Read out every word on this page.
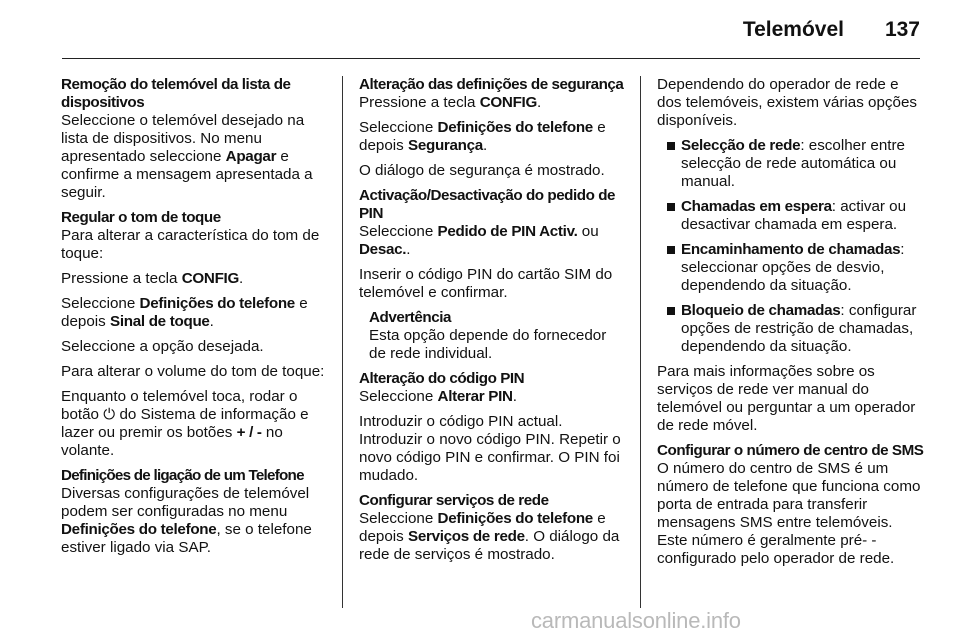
Telemóvel 137
Remoção do telemóvel da lista de dispositivos
Seleccione o telemóvel desejado na lista de dispositivos. No menu apresentado seleccione Apagar e confirme a mensagem apresentada a seguir.
Regular o tom de toque

Para alterar a característica do tom de toque:

Pressione a tecla CONFIG.

Seleccione Definições do telefone e depois Sinal de toque.

Seleccione a opção desejada.

Para alterar o volume do tom de toque:

Enquanto o telemóvel toca, rodar o botão ⏻ do Sistema de informação e lazer ou premir os botões + / - no volante.

Definições de ligação de um Telefone
Diversas configurações de telemóvel podem ser configuradas no menu Definições do telefone, se o telefone estiver ligado via SAP.
Alteração das definições de segurança

Pressione a tecla CONFIG.

Seleccione Definições do telefone e depois Segurança.

O diálogo de segurança é mostrado.

Activação/Desactivação do pedido de PIN

Seleccione Pedido de PIN Activ. ou Desac..

Inserir o código PIN do cartão SIM do telemóvel e confirmar.

Advertência
Esta opção depende do fornecedor de rede individual.
Alteração do código PIN

Seleccione Alterar PIN.

Introduzir o código PIN actual. Introduzir o novo código PIN. Repetir o novo código PIN e confirmar. O PIN foi mudado.

Configurar serviços de rede
Seleccione Definições do telefone e depois Serviços de rede. O diálogo da rede de serviços é mostrado.

Dependendo do operador de rede e dos telemóveis, existem várias opções disponíveis.

Selecção de rede: escolher entre selecção de rede automática ou manual.
Chamadas em espera: activar ou desactivar chamada em espera.
Encaminhamento de chamadas: seleccionar opções de desvio, dependendo da situação.
Bloqueio de chamadas: configurar opções de restrição de chamadas, dependendo da situação.

Para mais informações sobre os serviços de rede ver manual do telemóvel ou perguntar a um operador de rede móvel.

Configurar o número de centro de SMS
O número do centro de SMS é um número de telefone que funciona como porta de entrada para transferir mensagens SMS entre telemóveis. Este número é geralmente pré- -configurado pelo operador de rede.
carmanualsonline.info
